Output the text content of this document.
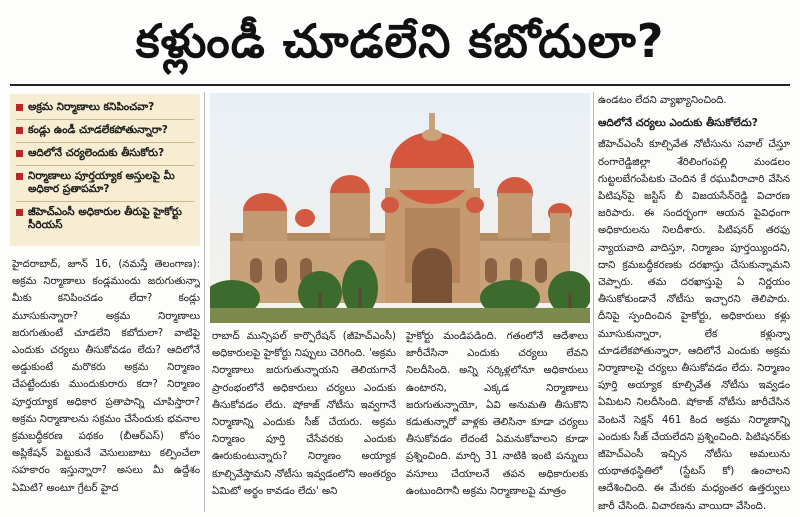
కళ్లుండీ చూడలేని కబోదులా?
అక్రమ నిర్మాణాలు కనిపించవా?
కండ్లు ఉండీ చూడలేకపోతున్నారా?
ఆదిలోనే చర్యలెందుకు తీసుకోరు?
నిర్మాణాలు పూర్తయ్యాక అస్తులపై మీ అధికార ప్రతాపమా?
జీహెచ్ఎంసీ అధికారుల తీరుపై హైకోర్టు సీరియస్

హైదరాబాద్, జూన్ 16, (నమస్తే తెలంగాణ): అక్రమ నిర్మాణాలు కండ్లముందు జరుగుతున్నా మీకు కనిపించడం లేదా? కండ్లు మూసుకున్నారా? అక్రమ నిర్మాణాలు జరుగుతుంటే చూడలేని కబోదులా? వాటిపై ఎందుకు చర్యలు తీసుకోవడం లేదు? ఆదిలోనే అడ్డుకుంటే మరొకరు అక్రమ నిర్మాణం చేపట్టేందుకు ముందుకురారు కదా? నిర్మాణం పూర్తయ్యాక అధికార ప్రతాపాన్ని చూపిస్తారా? అక్రమ నిర్మాణాలను సక్రమం చేసేందుకు భవనాల క్రమబద్ధీకరణ పథకం (బీఆర్ఎస్) కోసం అప్లికేషన్ పెట్టుకునే వెసులుబాటు కల్పించేలా సహకారం ఇస్తున్నారా? అసలు మీ ఉద్దేశం ఏమిటి? అంటూ గ్రేటర్ హైద

రాబాద్ మున్సిపల్ కార్పొరేషన్ (జీహెచ్ఎంసీ) అధికారులపై హైకోర్టు నిప్పులు చెరిగింది. 'అక్రమ నిర్మాణాలు జరుగుతున్నాయని తెలియగానే ప్రారంభంలోనే అధికారులు చర్యలు ఎందుకు తీసుకోవడం లేదు. షోకాజ్ నోటీసు ఇవ్వగానే నిర్మాణాన్ని ఎందుకు సీజ్ చేయరు. అక్రమ నిర్మాణం పూర్తి చేసేవరకు ఎందుకు ఊరుకుంటున్నారు? నిర్మాణం అయ్యాక కూల్చివేస్తామని నోటీసు ఇవ్వడంలోని అంతర్యం ఏమిటో అర్థం కావడం లేదు' అని

హైకోర్టు మండిపడింది. గతంలోనే ఆదేశాలు జారీచేసినా ఎందుకు చర్యలు లేవని నిలదీసింది. అన్ని సర్కిళ్లలోనూ అధికారులు ఉంటారని, ఎక్కడ నిర్మాణాలు జరుగుతున్నాయో, ఏవి అనుమతి తీసుకొని కడుతున్నారో వాళ్లకు తెలిసినా కూడా చర్యలు తీసుకోవడం లేదంటే ఏమనుకోవాలని కూడా ప్రశ్నించింది. మార్చి 31 నాటికి ఇంటి పన్నులు వసూలు చేయాలనే తపన అధికారులకు ఉంటుందిగానీ అక్రమ నిర్మాణాలపై మాత్రం

ఉండటం లేదని వ్యాఖ్యానించింది.

ఆదిలోనే చర్యలు ఎందుకు తీసుకోలేదు?

జీహెచ్ఎంసీ కూల్చివేత నోటీసును సవాల్ చేస్తూ రంగారెడ్డిజిల్లా శేరిలింగంపల్లి మండలం గుట్టలబేగంపేటకు చెందిన కే రఘువీరాచారి వేసిన పిటిషన్‌పై జస్టిస్ బీ విజయసేన్‌రెడ్డి విచారణ జరిపారు. ఈ సందర్భంగా ఆయన పైవిధంగా అధికారులను నిలదీశారు. పిటిషనర్ తరఫు న్యాయవాది వాదిస్తూ, నిర్మాణం పూర్తయ్యిందని, దాని క్రమబద్ధీకరణకు దరఖాస్తు చేసుకున్నామని చెప్పారు. తమ దరఖాస్తుపై ఏ నిర్ణయం తీసుకోకుండానే నోటీసు ఇచ్చారని తెలిపారు. దీనిపై స్పందించిన హైకోర్టు, అధికారులు కళ్లు మూసుకున్నారా, లేక కళ్లున్నా చూడలేకపోతున్నారా, ఆదిలోనే ఎందుకు అక్రమ నిర్మాణాలపై చర్యలు తీసుకోవడం లేదు. నిర్మాణం పూర్తి అయ్యాక కూల్చివేత నోటీసు ఇవ్వడం ఏమిటని నిలదీసింది. షోకాజ్ నోటీసు జారీచేసిన వెంటనే సెక్షన్ 461 కింద అక్రమ నిర్మాణాన్ని ఎందుకు సీజ్ చేయలేదని ప్రశ్నించింది. పిటిషనర్‌కు జీహెచ్ఎంసీ ఇచ్చిన నోటీసు అమలును యథాతథస్థితిలో (స్టేటస్ కో) ఉంచాలని ఆదేశించింది. ఈ మేరకు మధ్యంతర ఉత్తర్వులు జారీ చేసింది. విచారణను వాయిదా వేసింది.
